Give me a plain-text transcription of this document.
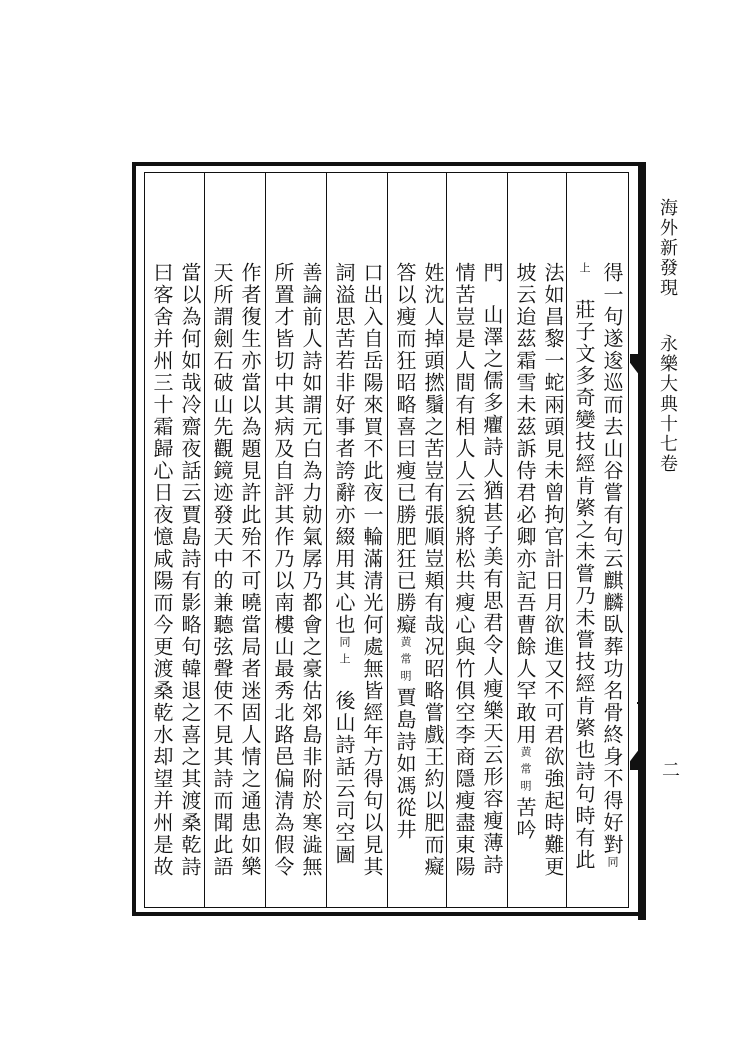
得一句遂逡巡而去山谷嘗有句云麒麟臥葬功名骨終身不得好對同
上莊子文多奇變技經肯綮之未嘗乃未嘗技經肯綮也詩句時有此
法如昌黎一蛇兩頭見未曾拘官計日月欲進又不可君欲強起時難更
坡云迨茲霜雪未茲訴侍君必卿亦記吾曹餘人罕敢用黄常明苦吟
門山澤之儒多癯詩人猶甚子美有思君令人瘦樂天云形容瘦薄詩
情苦豈是人間有相人人云貌將松共瘦心與竹俱空李商隱瘦盡東陽
姓沈人掉頭撚鬚之苦豈有張順豈頬有哉况昭略嘗戲王約以肥而癡
答以瘦而狂昭略喜曰瘦已勝肥狂已勝癡黄常明賈島詩如馮從井
口出入自岳陽來買不此夜一輪滿清光何處無皆經年方得句以見其
詞溢思苦若非好事者誇辭亦綴用其心也同上後山詩話云司空圖
善論前人詩如謂元白為力勍氣孱乃都會之豪估郊島非附於寒澁無
所置才皆切中其病及自評其作乃以南樓山最秀北路邑偏清為假令
作者復生亦當以為題見許此殆不可曉當局者迷固人情之通患如樂
天所謂劍石破山先觀鏡迹發天中的兼聽弦聲使不見其詩而聞此語
當以為何如哉冷齋夜話云賈島詩有影略句韓退之喜之其渡桑乾詩
曰客舍并州三十霜歸心日夜憶咸陽而今更渡桑乾水却望并州是故
海外新發現
永樂大典十七卷
二
